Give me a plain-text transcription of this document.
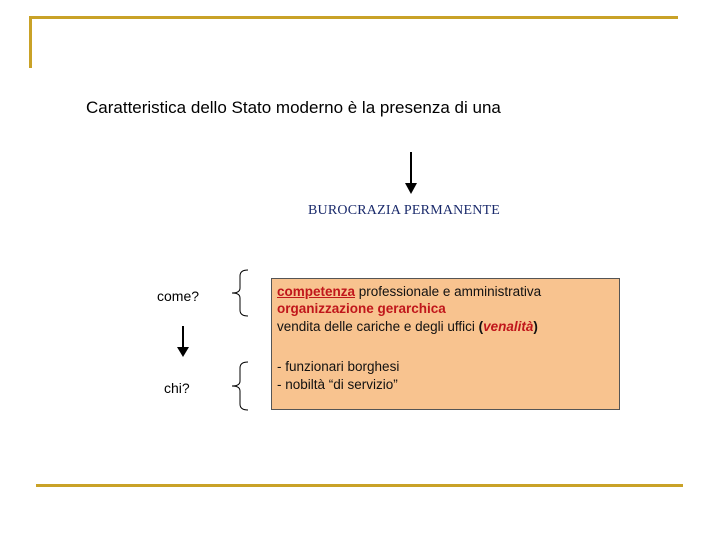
Caratteristica dello Stato moderno è la presenza di una
BUROCRAZIA PERMANENTE
come?
chi?
competenza professionale e amministrativa
organizzazione gerarchica
vendita delle cariche e degli uffici (venalità)
- funzionari borghesi
- nobiltà “di servizio”
